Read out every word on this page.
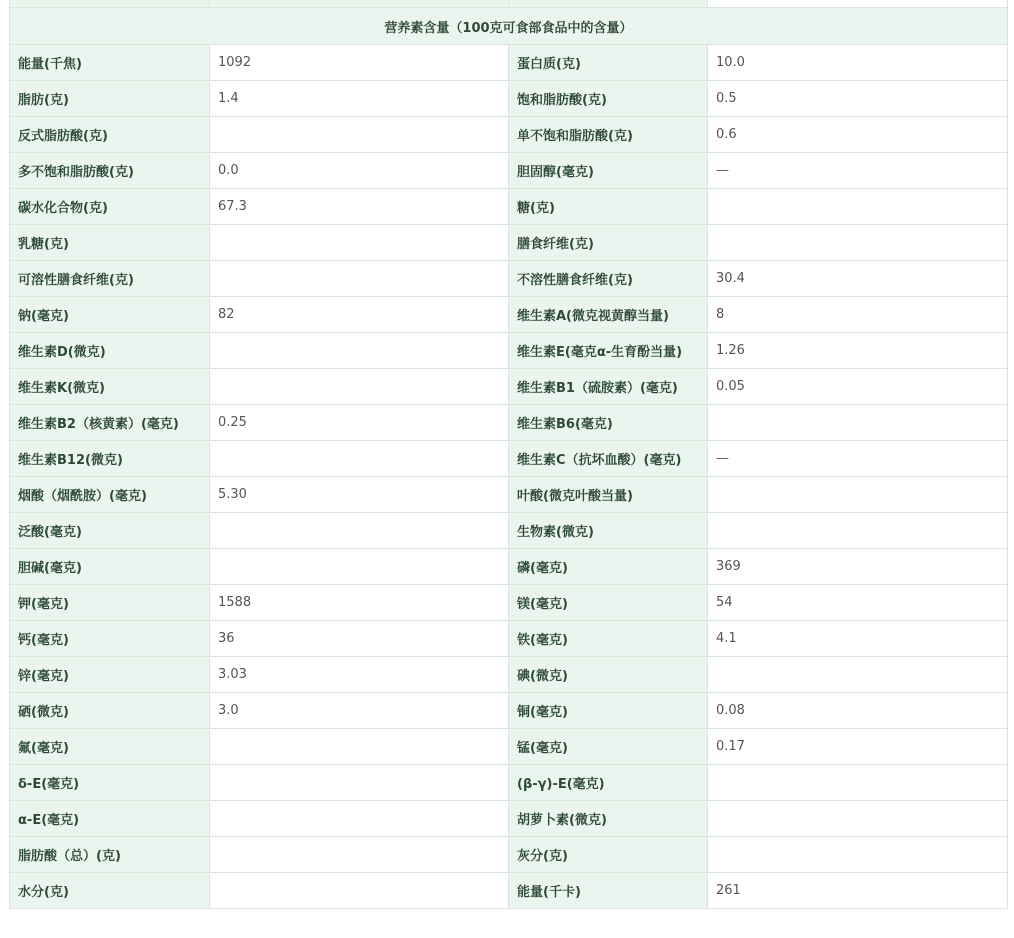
营养素含量（100克可食部食品中的含量）			
能量(千焦)	1092	蛋白质(克)	10.0
脂肪(克)	1.4	饱和脂肪酸(克)	0.5
反式脂肪酸(克)		单不饱和脂肪酸(克)	0.6
多不饱和脂肪酸(克)	0.0	胆固醇(毫克)	—
碳水化合物(克)	67.3	糖(克)	
乳糖(克)		膳食纤维(克)	
可溶性膳食纤维(克)		不溶性膳食纤维(克)	30.4
钠(毫克)	82	维生素A(微克视黄醇当量)	8
维生素D(微克)		维生素E(毫克α-生育酚当量)	1.26
维生素K(微克)		维生素B1（硫胺素）(毫克)	0.05
维生素B2（核黄素）(毫克)	0.25	维生素B6(毫克)	
维生素B12(微克)		维生素C（抗坏血酸）(毫克)	—
烟酸（烟酰胺）(毫克)	5.30	叶酸(微克叶酸当量)	
泛酸(毫克)		生物素(微克)	
胆碱(毫克)		磷(毫克)	369
钾(毫克)	1588	镁(毫克)	54
钙(毫克)	36	铁(毫克)	4.1
锌(毫克)	3.03	碘(微克)	
硒(微克)	3.0	铜(毫克)	0.08
氟(毫克)		锰(毫克)	0.17
δ-E(毫克)		(β-γ)-E(毫克)	
α-E(毫克)		胡萝卜素(微克)	
脂肪酸（总）(克)		灰分(克)	
水分(克)		能量(千卡)	261
